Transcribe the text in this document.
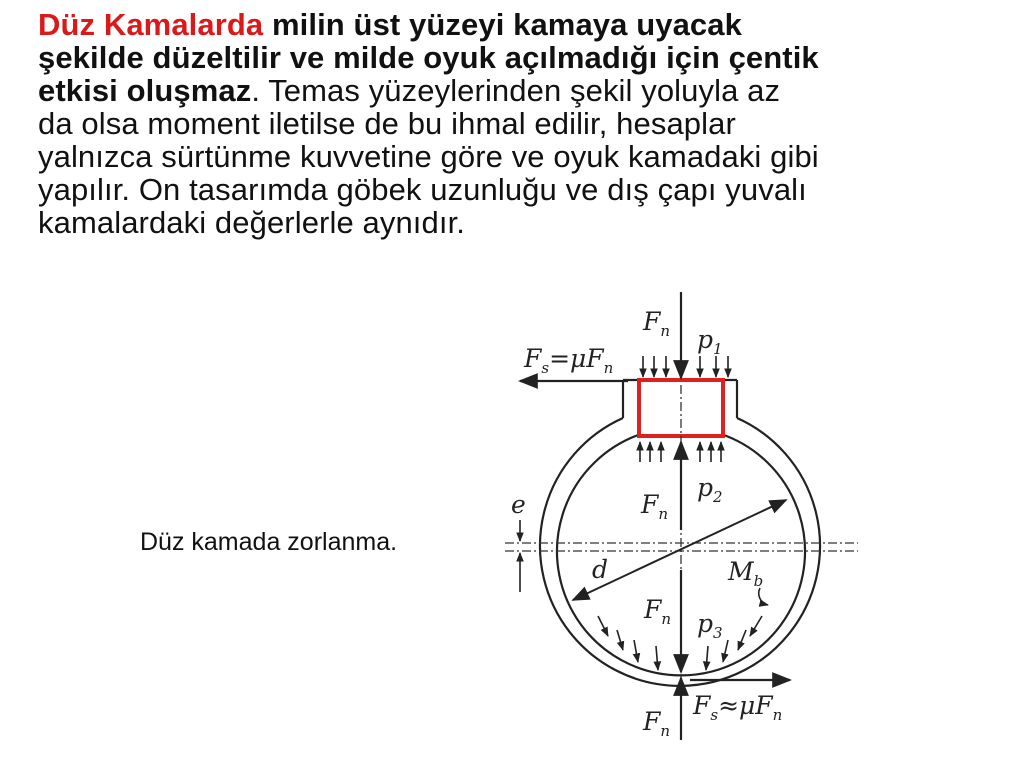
Düz Kamalarda milin üst yüzeyi kamaya uyacak
şekilde düzeltilir ve milde oyuk açılmadığı için çentik
etkisi oluşmaz. Temas yüzeylerinden şekil yoluyla az
da olsa moment iletilse de bu ihmal edilir, hesaplar
yalnızca sürtünme kuvvetine göre ve oyuk kamadaki gibi
yapılır. On tasarımda göbek uzunluğu ve dış çapı yuvalı
kamalardaki değerlerle aynıdır.
Düz kamada zorlanma.
$F_n$ $p_1$
$F_s=\mu F_n$
$p_2$
$F_n$
e
d	$M_b$
$F_n$ $p_3$
$F_s\approx\mu F_n$
$F_n$
